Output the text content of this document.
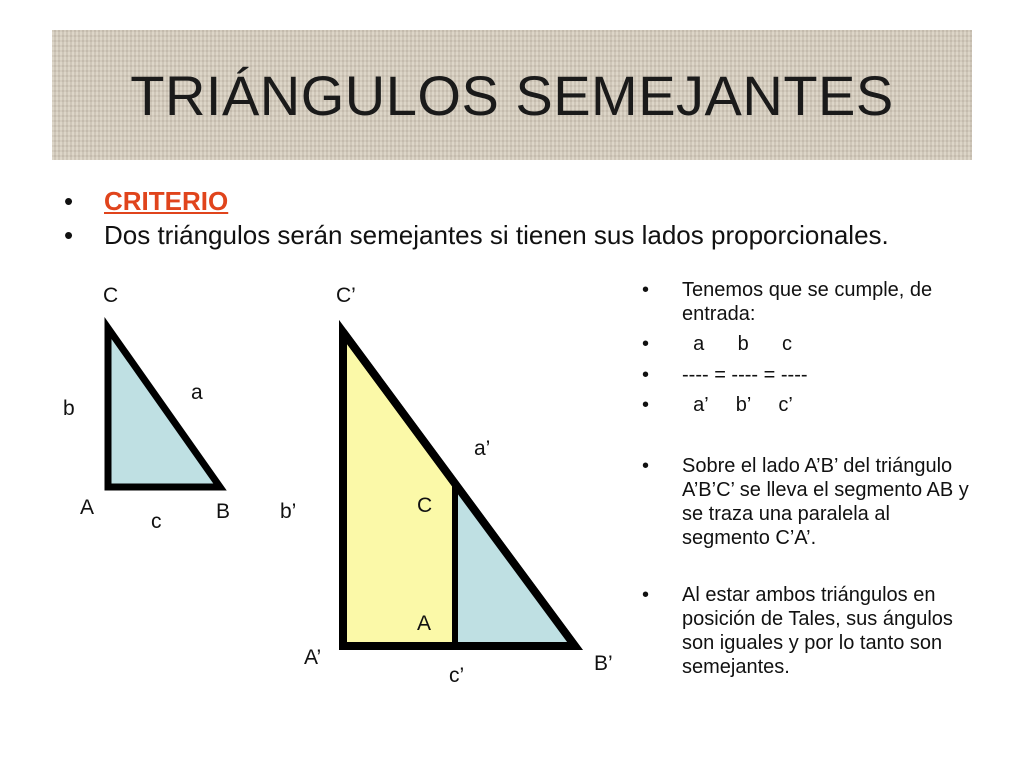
TRIÁNGULOS SEMEJANTES
• CRITERIO
• Dos triángulos serán semejantes si tienen sus lados proporcionales.
C
A	B
a
b
c
C’
A’	B’
a’
b’
c’
C
A
• Tenemos que se cumple, de entrada:
• a      b      c
• ---- = ---- = ----
• a’     b’     c’
• Sobre el lado A’B’ del triángulo A’B’C’ se lleva el segmento AB y se traza una paralela al segmento C’A’.
• Al estar ambos triángulos en posición de Tales, sus ángulos son iguales y por lo tanto son semejantes.
